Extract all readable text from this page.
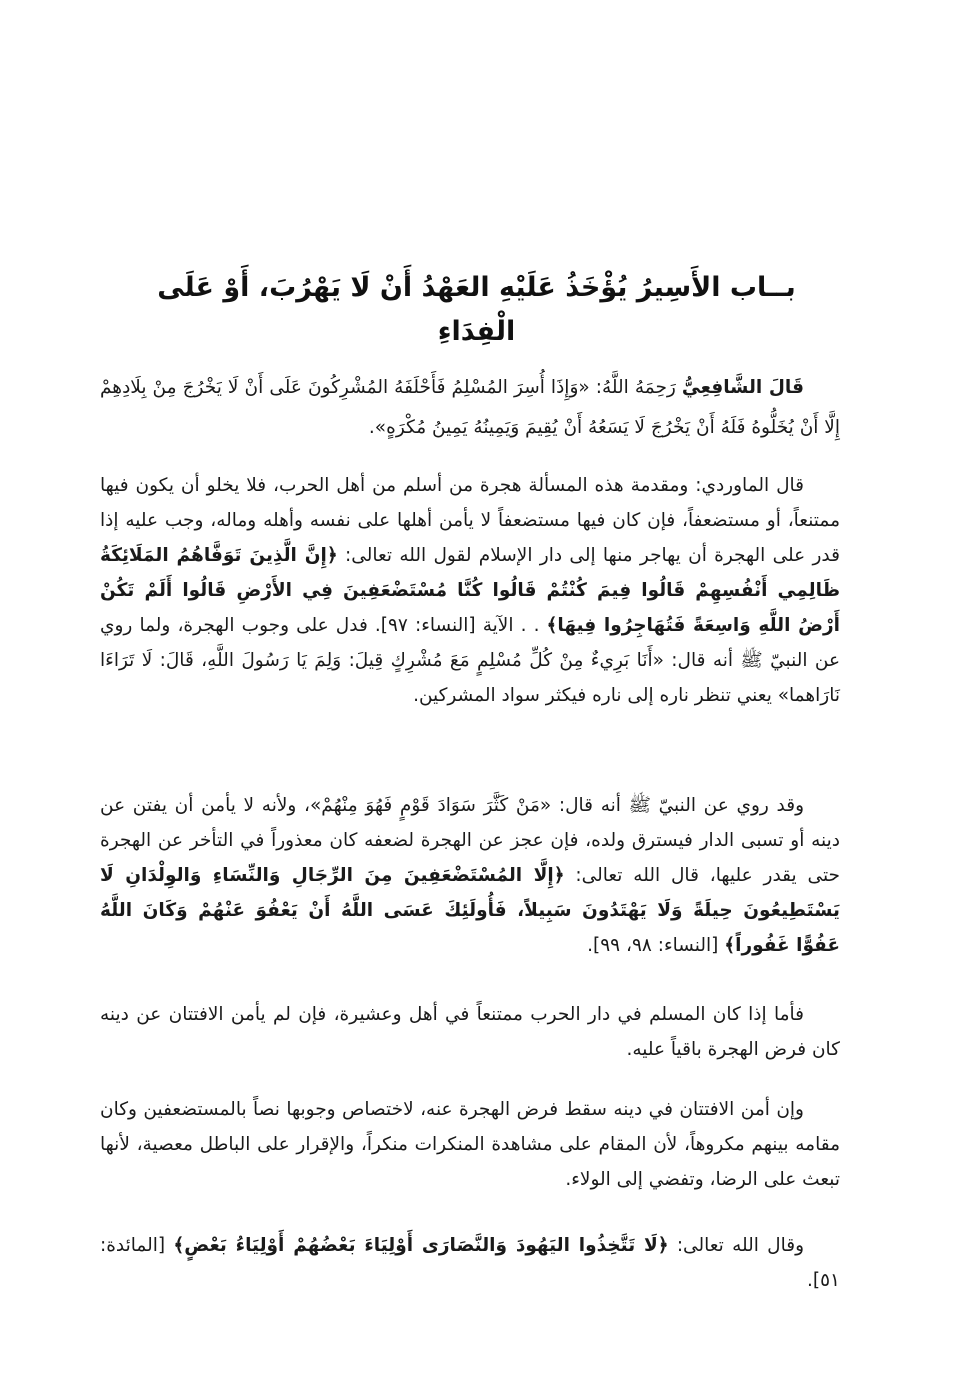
بــاب الأَسِيرُ يُؤْخَذُ عَلَيْهِ العَهْدُ أَنْ لَا يَهْرُبَ، أَوْ عَلَى الْفِدَاءِ

قَالَ الشَّافِعِيُّ رَحِمَهُ اللَّهُ: «وَإِذَا أُسِرَ المُسْلِمُ فَأَحْلَفَهُ المُشْرِكُونَ عَلَى أَنْ لَا يَخْرُجَ مِنْ بِلَادِهِمْ إِلَّا أَنْ يُخَلُّوهُ فَلَهُ أَنْ يَخْرُجَ لَا يَسَعُهُ أَنْ يُقِيمَ وَيَمِينُهُ يَمِينُ مُكْرَهٍ».

قال الماوردي: ومقدمة هذه المسألة هجرة من أسلم من أهل الحرب، فلا يخلو أن يكون فيها ممتنعاً، أو مستضعفاً، فإن كان فيها مستضعفاً لا يأمن أهلها على نفسه وأهله وماله، وجب عليه إذا قدر على الهجرة أن يهاجر منها إلى دار الإسلام لقول الله تعالى: ﴿إِنَّ الَّذِينَ تَوَفَّاهُمُ المَلَائِكَةُ ظَالِمِي أَنْفُسِهِمْ قَالُوا فِيمَ كُنْتُمْ قَالُوا كُنَّا مُسْتَضْعَفِينَ فِي الأَرْضِ قَالُوا أَلَمْ تَكُنْ أَرْضُ اللَّهِ وَاسِعَةً فَتُهَاجِرُوا فِيهَا﴾ . . الآية [النساء: ٩٧]. فدل على وجوب الهجرة، ولما روي عن النبيّ ﷺ أنه قال: «أَنَا بَرِيءٌ مِنْ كُلِّ مُسْلِمٍ مَعَ مُشْرِكٍ قِيلَ: وَلِمَ يَا رَسُولَ اللَّهِ، قَالَ: لَا تَرَاءَا نَارَاهما» يعني تنظر ناره إلى ناره فيكثر سواد المشركين.

وقد روي عن النبيّ ﷺ أنه قال: «مَنْ كَثَّرَ سَوَادَ قَوْمٍ فَهُوَ مِنْهُمْ»، ولأنه لا يأمن أن يفتن عن دينه أو تسبى الدار فيسترق ولده، فإن عجز عن الهجرة لضعفه كان معذوراً في التأخر عن الهجرة حتى يقدر عليها، قال الله تعالى: ﴿إِلَّا المُسْتَضْعَفِينَ مِنَ الرِّجَالِ وَالنِّسَاءِ وَالوِلْدَانِ لَا يَسْتَطِيعُونَ حِيلَةً وَلَا يَهْتَدُونَ سَبِيلاً، فَأُولَئِكَ عَسَى اللَّهُ أَنْ يَعْفُوَ عَنْهُمْ وَكَانَ اللَّهُ عَفُوًّا غَفُوراً﴾ [النساء: ٩٨، ٩٩].

فأما إذا كان المسلم في دار الحرب ممتنعاً في أهل وعشيرة، فإن لم يأمن الافتتان عن دينه كان فرض الهجرة باقياً عليه.

وإن أمن الافتتان في دينه سقط فرض الهجرة عنه، لاختصاص وجوبها نصاً بالمستضعفين وكان مقامه بينهم مكروهاً، لأن المقام على مشاهدة المنكرات منكراً، والإقرار على الباطل معصية، لأنها تبعث على الرضا، وتفضي إلى الولاء.

وقال الله تعالى: ﴿لَا تَتَّخِذُوا اليَهُودَ وَالنَّصَارَى أَوْلِيَاءَ بَعْضُهُمْ أَوْلِيَاءُ بَعْضٍ﴾ [المائدة: ٥١].
